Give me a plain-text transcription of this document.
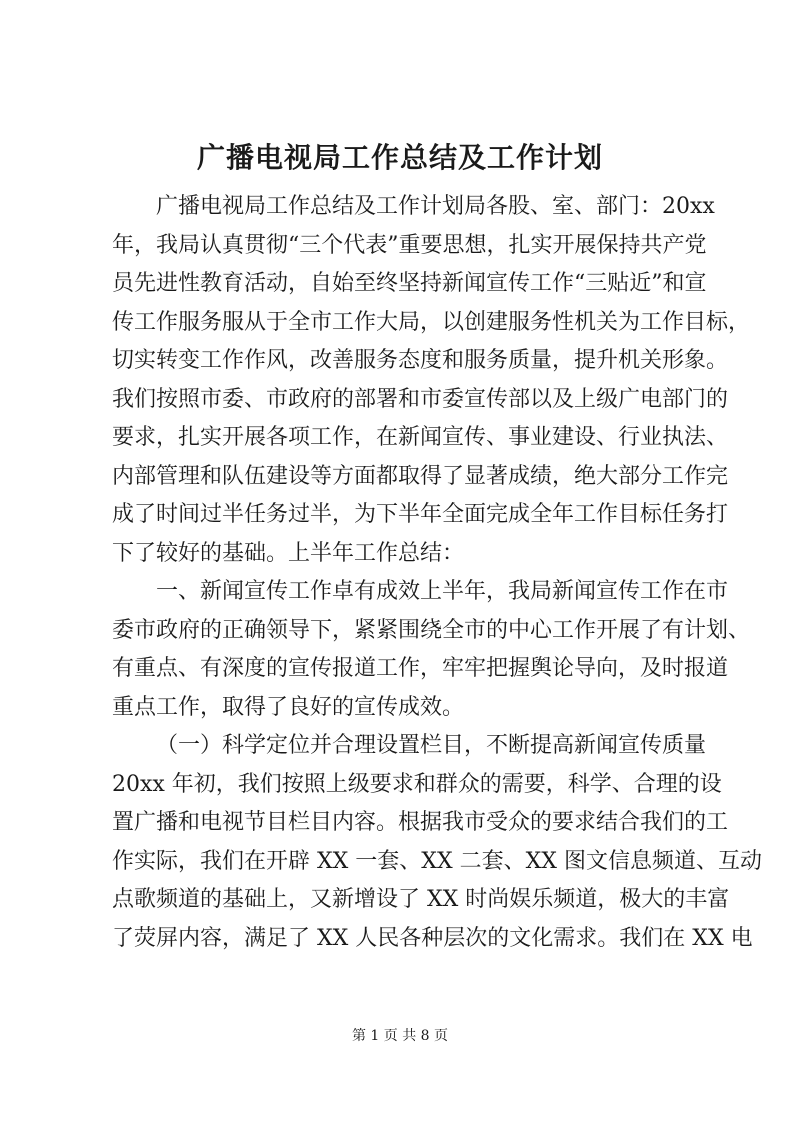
广播电视局工作总结及工作计划
广播电视局工作总结及工作计划局各股、室、部门：20xx
年，我局认真贯彻“三个代表”重要思想，扎实开展保持共产党
员先进性教育活动，自始至终坚持新闻宣传工作“三贴近”和宣
传工作服务服从于全市工作大局，以创建服务性机关为工作目标，
切实转变工作作风，改善服务态度和服务质量，提升机关形象。
我们按照市委、市政府的部署和市委宣传部以及上级广电部门的
要求，扎实开展各项工作，在新闻宣传、事业建设、行业执法、
内部管理和队伍建设等方面都取得了显著成绩，绝大部分工作完
成了时间过半任务过半，为下半年全面完成全年工作目标任务打
下了较好的基础。上半年工作总结：
一、新闻宣传工作卓有成效上半年，我局新闻宣传工作在市
委市政府的正确领导下，紧紧围绕全市的中心工作开展了有计划、
有重点、有深度的宣传报道工作，牢牢把握舆论导向，及时报道
重点工作，取得了良好的宣传成效。
（一）科学定位并合理设置栏目，不断提高新闻宣传质量
20xx 年初，我们按照上级要求和群众的需要，科学、合理的设
置广播和电视节目栏目内容。根据我市受众的要求结合我们的工
作实际，我们在开辟 XX 一套、XX 二套、XX 图文信息频道、互动
点歌频道的基础上，又新增设了 XX 时尚娱乐频道，极大的丰富
了荧屏内容，满足了 XX 人民各种层次的文化需求。我们在 XX 电
第 1 页 共 8 页
